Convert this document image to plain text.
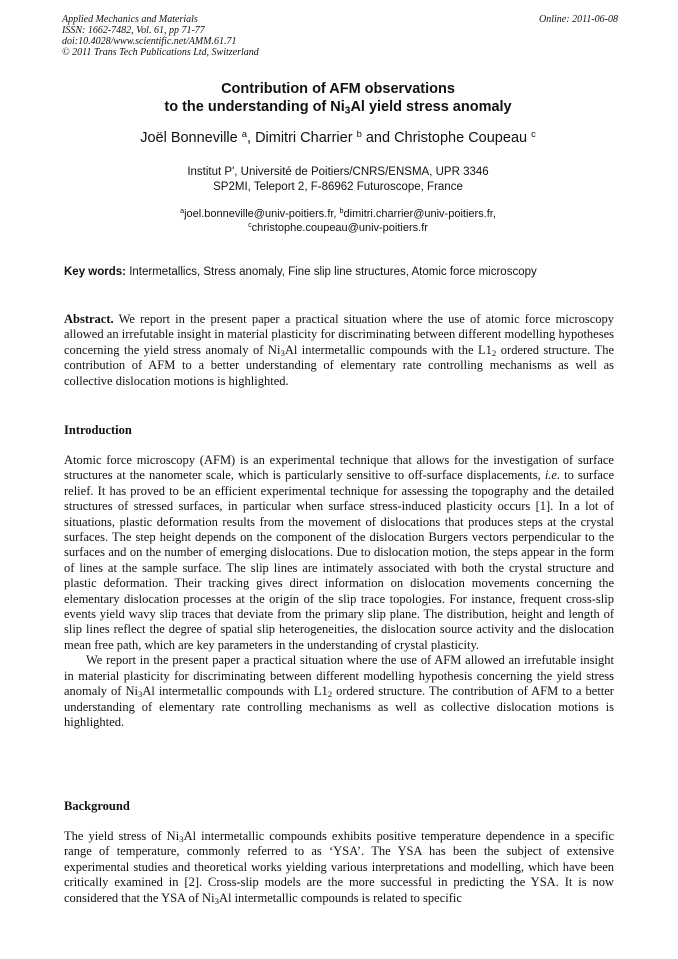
Applied Mechanics and Materials
ISSN: 1662-7482, Vol. 61, pp 71-77
doi:10.4028/www.scientific.net/AMM.61.71
© 2011 Trans Tech Publications Ltd, Switzerland
Online: 2011-06-08
Contribution of AFM observations
to the understanding of $Ni_3Al$ yield stress anomaly
Joël Bonneville $^a$, Dimitri Charrier $^b$ and Christophe Coupeau $^c$
Institut P', Université de Poitiers/CNRS/ENSMA, UPR 3346
SP2MI, Teleport 2, F-86962 Futuroscope, France
$^a$joel.bonneville@univ-poitiers.fr, $^b$dimitri.charrier@univ-poitiers.fr,
$^c$christophe.coupeau@univ-poitiers.fr
Key words: Intermetallics, Stress anomaly, Fine slip line structures, Atomic force microscopy
Abstract. We report in the present paper a practical situation where the use of atomic force microscopy allowed an irrefutable insight in material plasticity for discriminating between different modelling hypotheses concerning the yield stress anomaly of $Ni_3Al$ intermetallic compounds with the $L1_2$ ordered structure. The contribution of AFM to a better understanding of elementary rate controlling mechanisms as well as collective dislocation motions is highlighted.
Introduction

Atomic force microscopy (AFM) is an experimental technique that allows for the investigation of surface structures at the nanometer scale, which is particularly sensitive to off-surface displacements, i.e. to surface relief. It has proved to be an efficient experimental technique for assessing the topography and the detailed structures of stressed surfaces, in particular when surface stress-induced plasticity occurs [1]. In a lot of situations, plastic deformation results from the movement of dislocations that produces steps at the crystal surfaces. The step height depends on the component of the dislocation Burgers vectors perpendicular to the surfaces and on the number of emerging dislocations. Due to dislocation motion, the steps appear in the form of lines at the sample surface. The slip lines are intimately associated with both the crystal structure and plastic deformation. Their tracking gives direct information on dislocation movements concerning the elementary dislocation processes at the origin of the slip trace topologies. For instance, frequent cross-slip events yield wavy slip traces that deviate from the primary slip plane. The distribution, height and length of slip lines reflect the degree of spatial slip heterogeneities, the dislocation source activity and the dislocation mean free path, which are key parameters in the understanding of crystal plasticity.

We report in the present paper a practical situation where the use of AFM allowed an irrefutable insight in material plasticity for discriminating between different modelling hypothesis concerning the yield stress anomaly of $Ni_3Al$ intermetallic compounds with $L1_2$ ordered structure. The contribution of AFM to a better understanding of elementary rate controlling mechanisms as well as collective dislocation motions is highlighted.

Background
The yield stress of $Ni_3Al$ intermetallic compounds exhibits positive temperature dependence in a specific range of temperature, commonly referred to as ‘YSA’. The YSA has been the subject of extensive experimental studies and theoretical works yielding various interpretations and modelling, which have been critically examined in [2]. Cross-slip models are the more successful in predicting the YSA. It is now considered that the YSA of $Ni_3Al$ intermetallic compounds is related to specific
